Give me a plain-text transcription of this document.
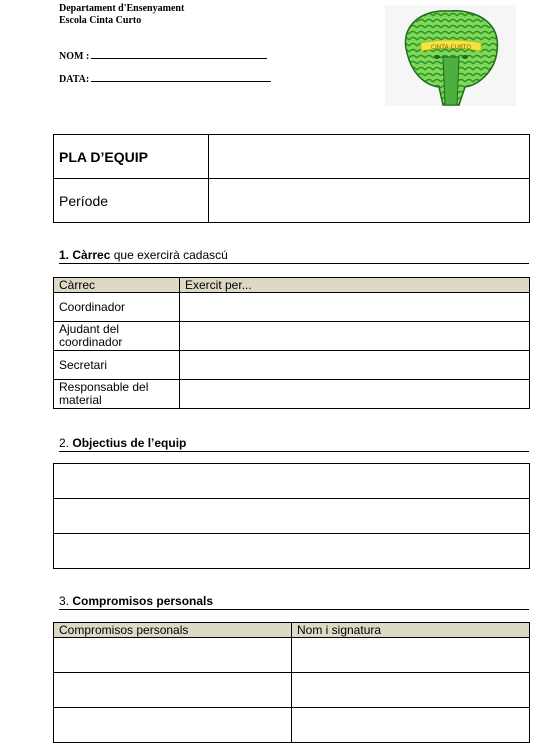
Departament d'Ensenyament
Escola Cinta Curto
NOM :
DATA:
CINTA CURTO
PLA D’EQUIP	
Període	
1. Càrrec que exercirà cadascú
Càrrec	Exercit per...
Coordinador	
Ajudant del coordinador	
Secretari	
Responsable del material	
2. Objectius de l’equip

3. Compromisos personals
Compromisos personals	Nom i signatura
